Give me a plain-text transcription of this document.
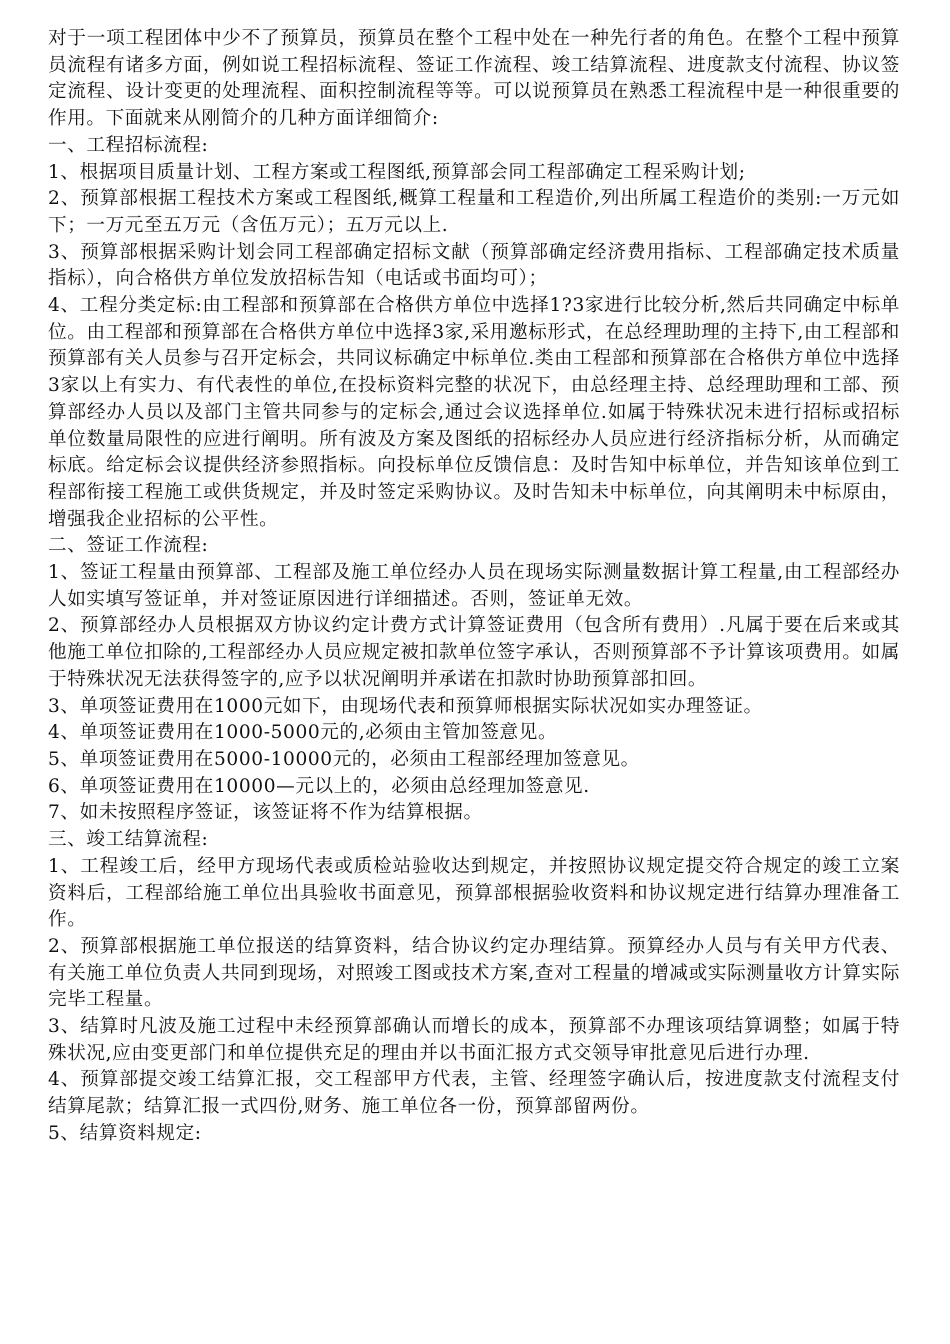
对于一项工程团体中少不了预算员，预算员在整个工程中处在一种先行者的角色。在整个工程中预算员流程有诸多方面，例如说工程招标流程、签证工作流程、竣工结算流程、进度款支付流程、协议签定流程、设计变更的处理流程、面积控制流程等等。可以说预算员在熟悉工程流程中是一种很重要的作用。下面就来从刚简介的几种方面详细简介:

一、工程招标流程:

1、根据项目质量计划、工程方案或工程图纸,预算部会同工程部确定工程采购计划;

2、预算部根据工程技术方案或工程图纸,概算工程量和工程造价,列出所属工程造价的类别:一万元如下；一万元至五万元（含伍万元）；五万元以上.

3、预算部根据采购计划会同工程部确定招标文献（预算部确定经济费用指标、工程部确定技术质量指标），向合格供方单位发放招标告知（电话或书面均可）；

4、工程分类定标:由工程部和预算部在合格供方单位中选择1?3家进行比较分析,然后共同确定中标单位。由工程部和预算部在合格供方单位中选择3家,采用邀标形式，在总经理助理的主持下,由工程部和预算部有关人员参与召开定标会，共同议标确定中标单位.类由工程部和预算部在合格供方单位中选择3家以上有实力、有代表性的单位,在投标资料完整的状况下，由总经理主持、总经理助理和工部、预算部经办人员以及部门主管共同参与的定标会,通过会议选择单位.如属于特殊状况未进行招标或招标单位数量局限性的应进行阐明。所有波及方案及图纸的招标经办人员应进行经济指标分析，从而确定标底。给定标会议提供经济参照指标。向投标单位反馈信息：及时告知中标单位，并告知该单位到工程部衔接工程施工或供货规定，并及时签定采购协议。及时告知未中标单位，向其阐明未中标原由，增强我企业招标的公平性。

二、签证工作流程:

1、签证工程量由预算部、工程部及施工单位经办人员在现场实际测量数据计算工程量,由工程部经办人如实填写签证单，并对签证原因进行详细描述。否则，签证单无效。

2、预算部经办人员根据双方协议约定计费方式计算签证费用（包含所有费用）.凡属于要在后来或其他施工单位扣除的,工程部经办人员应规定被扣款单位签字承认，否则预算部不予计算该项费用。如属于特殊状况无法获得签字的,应予以状况阐明并承诺在扣款时协助预算部扣回。

3、单项签证费用在1000元如下，由现场代表和预算师根据实际状况如实办理签证。

4、单项签证费用在1000-5000元的,必须由主管加签意见。

5、单项签证费用在5000-10000元的，必须由工程部经理加签意见。

6、单项签证费用在10000—元以上的，必须由总经理加签意见.

7、如未按照程序签证，该签证将不作为结算根据。

三、竣工结算流程:

1、工程竣工后，经甲方现场代表或质检站验收达到规定，并按照协议规定提交符合规定的竣工立案资料后，工程部给施工单位出具验收书面意见，预算部根据验收资料和协议规定进行结算办理准备工作。

2、预算部根据施工单位报送的结算资料，结合协议约定办理结算。预算经办人员与有关甲方代表、有关施工单位负责人共同到现场，对照竣工图或技术方案,查对工程量的增减或实际测量收方计算实际完毕工程量。

3、结算时凡波及施工过程中未经预算部确认而增长的成本，预算部不办理该项结算调整；如属于特殊状况,应由变更部门和单位提供充足的理由并以书面汇报方式交领导审批意见后进行办理.

4、预算部提交竣工结算汇报，交工程部甲方代表，主管、经理签字确认后，按进度款支付流程支付结算尾款；结算汇报一式四份,财务、施工单位各一份，预算部留两份。

5、结算资料规定:
